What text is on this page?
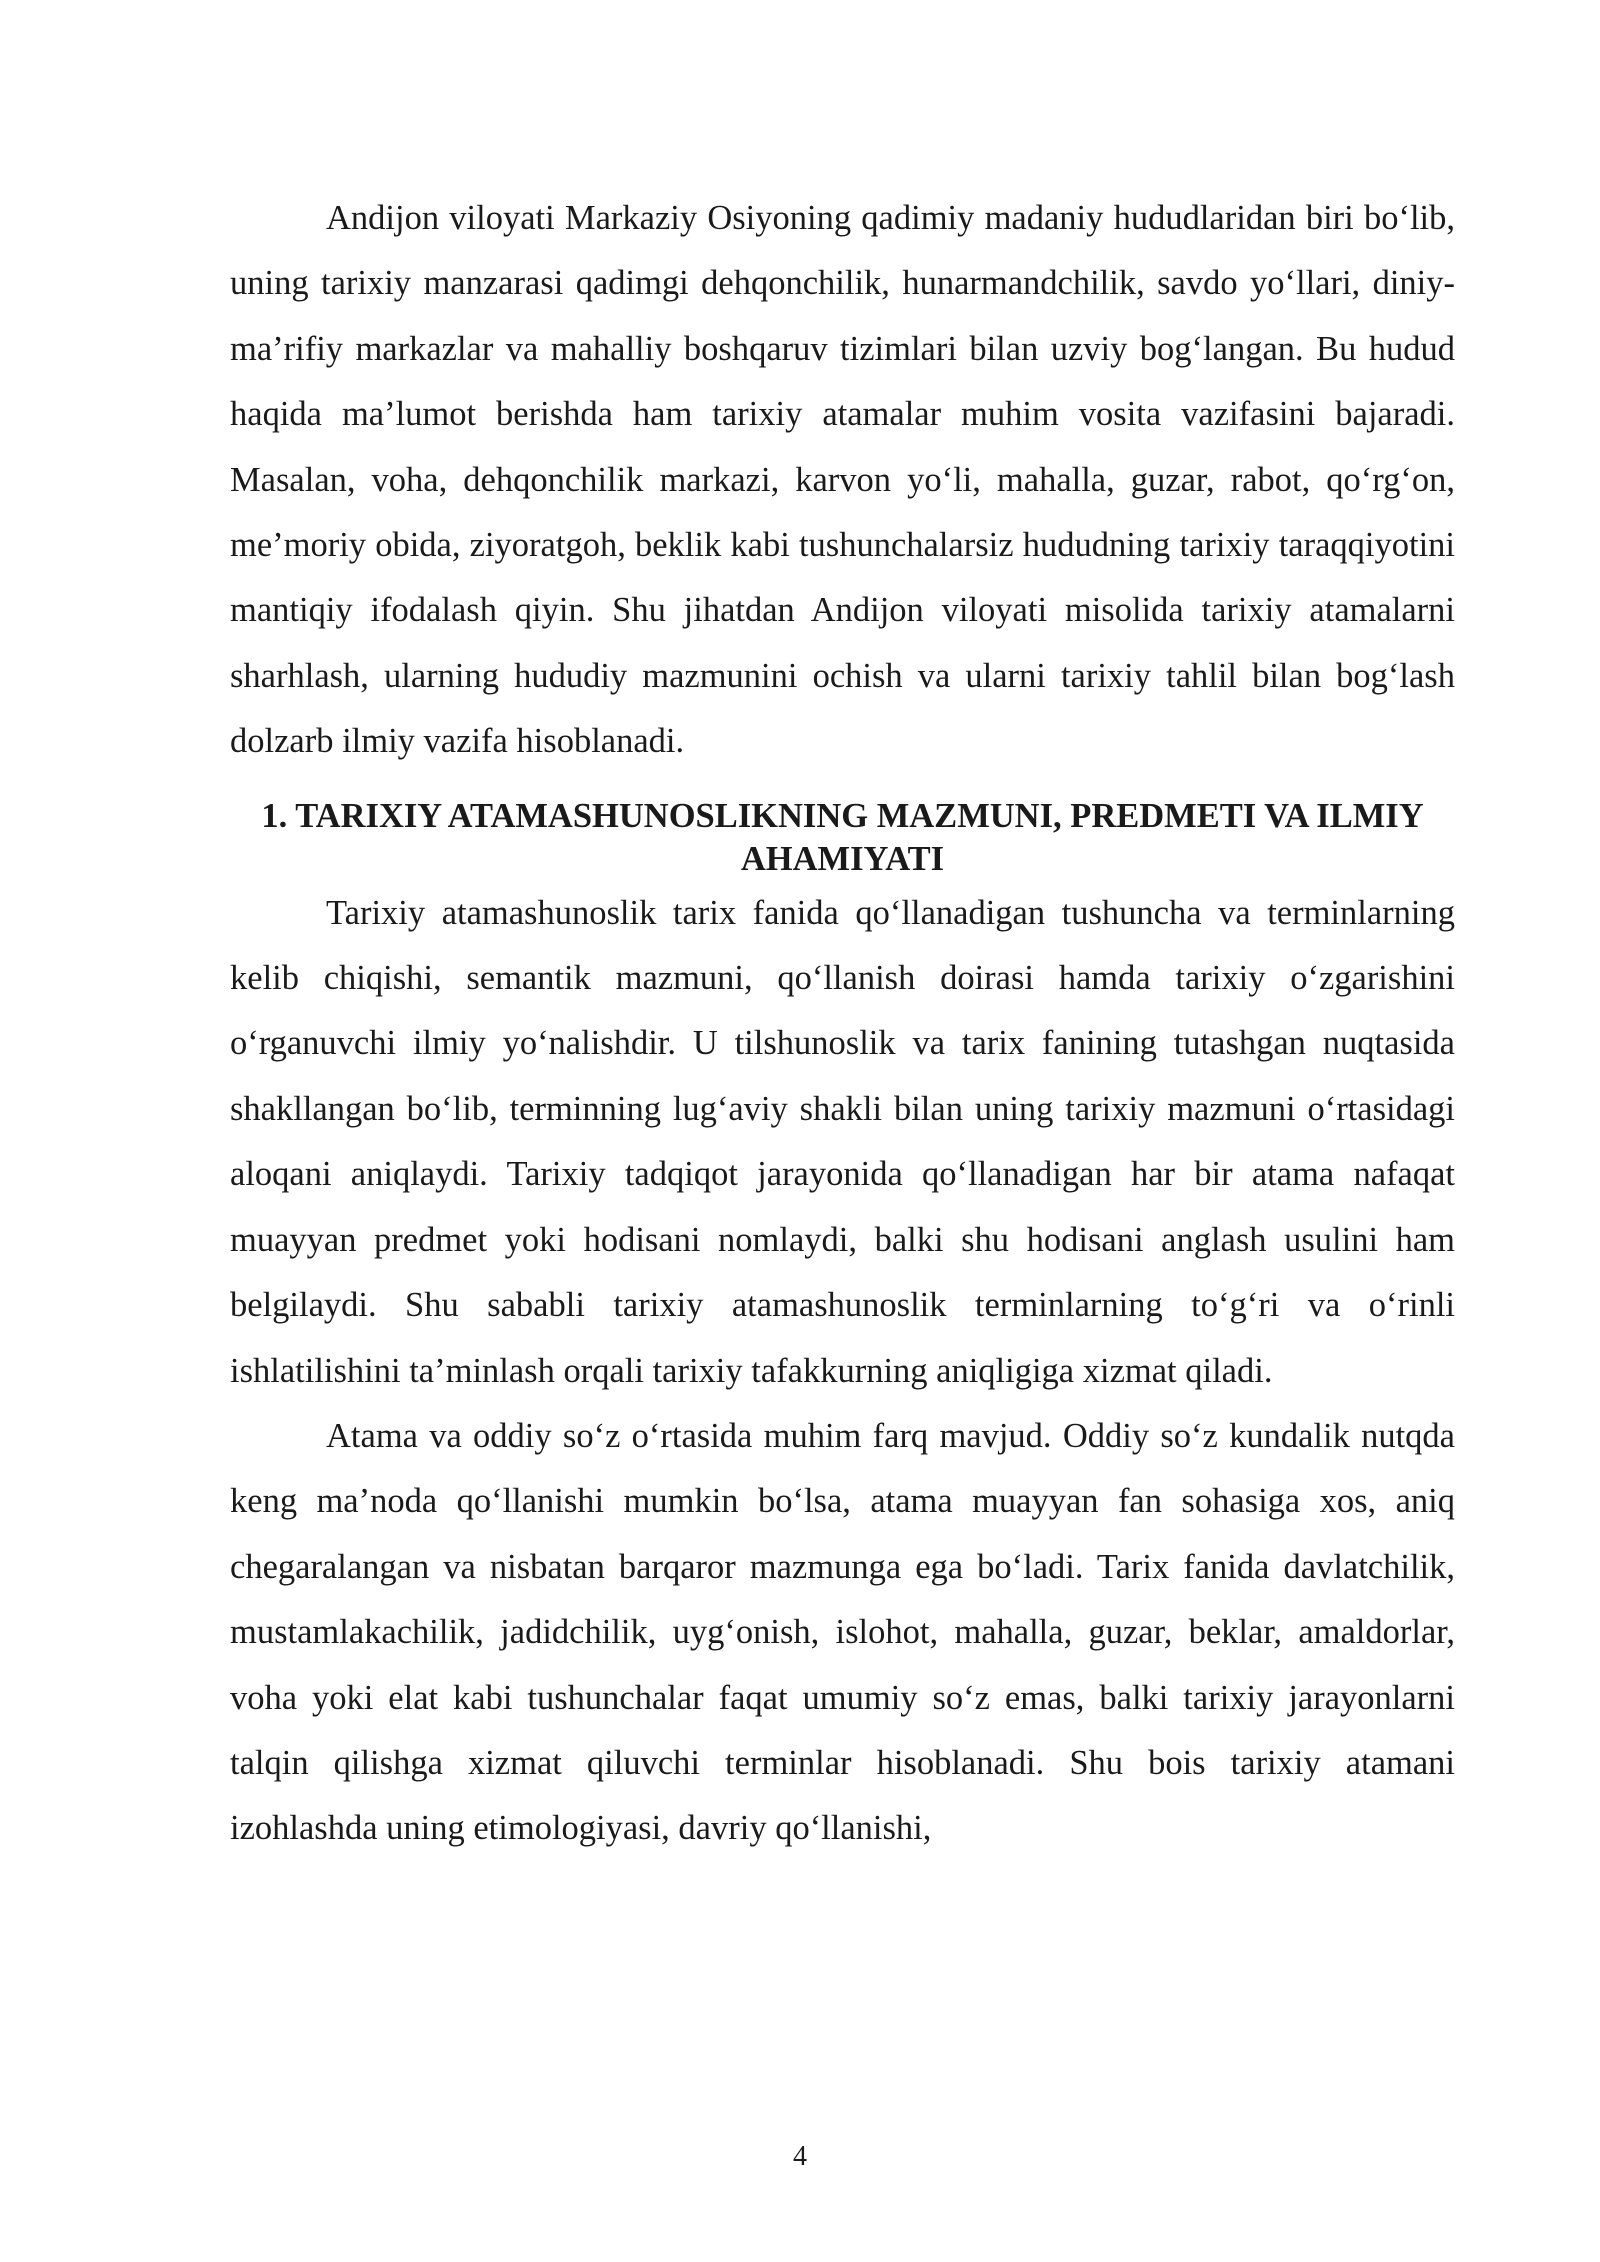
Andijon viloyati Markaziy Osiyoning qadimiy madaniy hududlaridan biri bo‘lib, uning tarixiy manzarasi qadimgi dehqonchilik, hunarmandchilik, savdo yo‘llari, diniy-ma’rifiy markazlar va mahalliy boshqaruv tizimlari bilan uzviy bog‘langan. Bu hudud haqida ma’lumot berishda ham tarixiy atamalar muhim vosita vazifasini bajaradi. Masalan, voha, dehqonchilik markazi, karvon yo‘li, mahalla, guzar, rabot, qo‘rg‘on, me’moriy obida, ziyoratgoh, beklik kabi tushunchalarsiz hududning tarixiy taraqqiyotini mantiqiy ifodalash qiyin. Shu jihatdan Andijon viloyati misolida tarixiy atamalarni sharhlash, ularning hududiy mazmunini ochish va ularni tarixiy tahlil bilan bog‘lash dolzarb ilmiy vazifa hisoblanadi.

1. TARIXIY ATAMASHUNOSLIKNING MAZMUNI, PREDMETI VA ILMIY AHAMIYATI

Tarixiy atamashunoslik tarix fanida qo‘llanadigan tushuncha va terminlarning kelib chiqishi, semantik mazmuni, qo‘llanish doirasi hamda tarixiy o‘zgarishini o‘rganuvchi ilmiy yo‘nalishdir. U tilshunoslik va tarix fanining tutashgan nuqtasida shakllangan bo‘lib, terminning lug‘aviy shakli bilan uning tarixiy mazmuni o‘rtasidagi aloqani aniqlaydi. Tarixiy tadqiqot jarayonida qo‘llanadigan har bir atama nafaqat muayyan predmet yoki hodisani nomlaydi, balki shu hodisani anglash usulini ham belgilaydi. Shu sababli tarixiy atamashunoslik terminlarning to‘g‘ri va o‘rinli ishlatilishini ta’minlash orqali tarixiy tafakkurning aniqligiga xizmat qiladi.

Atama va oddiy so‘z o‘rtasida muhim farq mavjud. Oddiy so‘z kundalik nutqda keng ma’noda qo‘llanishi mumkin bo‘lsa, atama muayyan fan sohasiga xos, aniq chegaralangan va nisbatan barqaror mazmunga ega bo‘ladi. Tarix fanida davlatchilik, mustamlakachilik, jadidchilik, uyg‘onish, islohot, mahalla, guzar, beklar, amaldorlar, voha yoki elat kabi tushunchalar faqat umumiy so‘z emas, balki tarixiy jarayonlarni talqin qilishga xizmat qiluvchi terminlar hisoblanadi. Shu bois tarixiy atamani izohlashda uning etimologiyasi, davriy qo‘llanishi,

4
